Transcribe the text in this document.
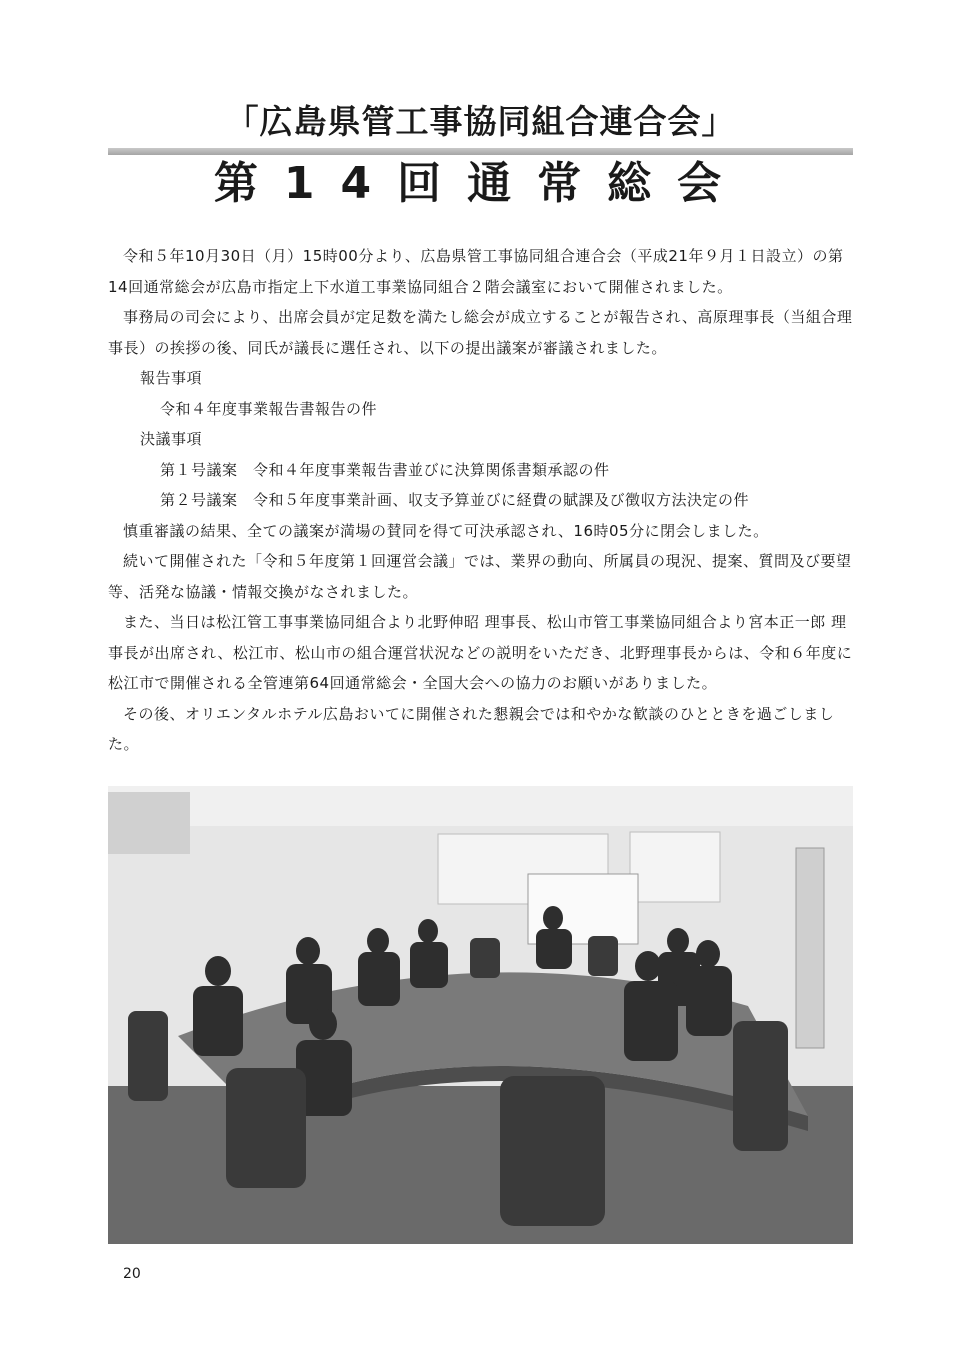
「広島県管工事協同組合連合会」
第14回通常総会

令和５年10月30日（月）15時00分より、広島県管工事協同組合連合会（平成21年９月１日設立）の第14回通常総会が広島市指定上下水道工事業協同組合２階会議室において開催されました。

事務局の司会により、出席会員が定足数を満たし総会が成立することが報告され、高原理事長（当組合理事長）の挨拶の後、同氏が議長に選任され、以下の提出議案が審議されました。

報告事項

令和４年度事業報告書報告の件

決議事項

第１号議案　令和４年度事業報告書並びに決算関係書類承認の件

第２号議案　令和５年度事業計画、収支予算並びに経費の賦課及び徴収方法決定の件

慎重審議の結果、全ての議案が満場の賛同を得て可決承認され、16時05分に閉会しました。

続いて開催された「令和５年度第１回運営会議」では、業界の動向、所属員の現況、提案、質問及び要望等、活発な協議・情報交換がなされました。

また、当日は松江管工事事業協同組合より北野伸昭 理事長、松山市管工事業協同組合より宮本正一郎 理事長が出席され、松江市、松山市の組合運営状況などの説明をいただき、北野理事長からは、令和６年度に松江市で開催される全管連第64回通常総会・全国大会への協力のお願いがありました。

その後、オリエンタルホテル広島おいてに開催された懇親会では和やかな歓談のひとときを過ごしました。

20
